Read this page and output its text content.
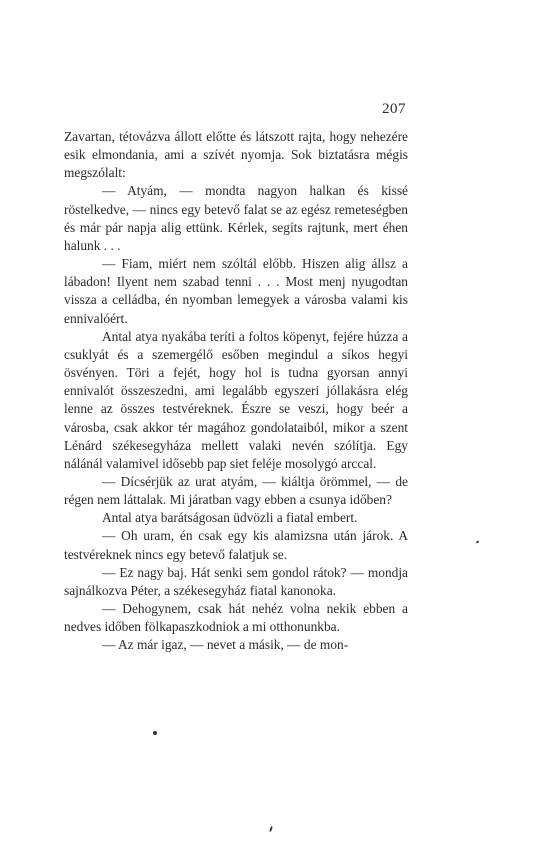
207

Zavartan, tétovázva állott előtte és látszott rajta, hogy nehezére esik elmondania, ami a szívét nyomja. Sok biztatásra mégis megszólalt:

— Atyám, — mondta nagyon halkan és kissé röstelkedve, — nincs egy betevő falat se az egész remeteségben és már pár napja alig ettünk. Kérlek, segíts rajtunk, mert éhen halunk . . .

— Fiam, miért nem szóltál előbb. Hiszen alig állsz a lábadon! Ilyent nem szabad tenni . . . Most menj nyugodtan vissza a celládba, én nyomban lemegyek a városba valami kis ennivalóért.

Antal atya nyakába teríti a foltos köpenyt, fejére húzza a csuklyát és a szemergélő esőben megindul a síkos hegyi ösvényen. Töri a fejét, hogy hol is tudna gyorsan annyi ennivalót összeszedni, ami legalább egyszeri jóllakásra elég lenne az összes testvéreknek. Észre se veszi, hogy beér a városba, csak akkor tér magához gondolataiból, mikor a szent Lénárd székesegyháza mellett valaki nevén szólítja. Egy nálánál valamivel idősebb pap siet feléje mosolygó arccal.

— Dícsérjük az urat atyám, — kiáltja örömmel, — de régen nem láttalak. Mi járatban vagy ebben a csunya időben?

Antal atya barátságosan üdvözli a fiatal embert.

— Oh uram, én csak egy kis alamizsna után járok. A testvéreknek nincs egy betevő falatjuk se.

— Ez nagy baj. Hát senki sem gondol rátok? — mondja sajnálkozva Péter, a székesegyház fiatal kanonoka.

— Dehogynem, csak hát nehéz volna nekik ebben a nedves időben fölkapaszkodniok a mi otthonunkba.

— Az már igaz, — nevet a másik, — de mon-
